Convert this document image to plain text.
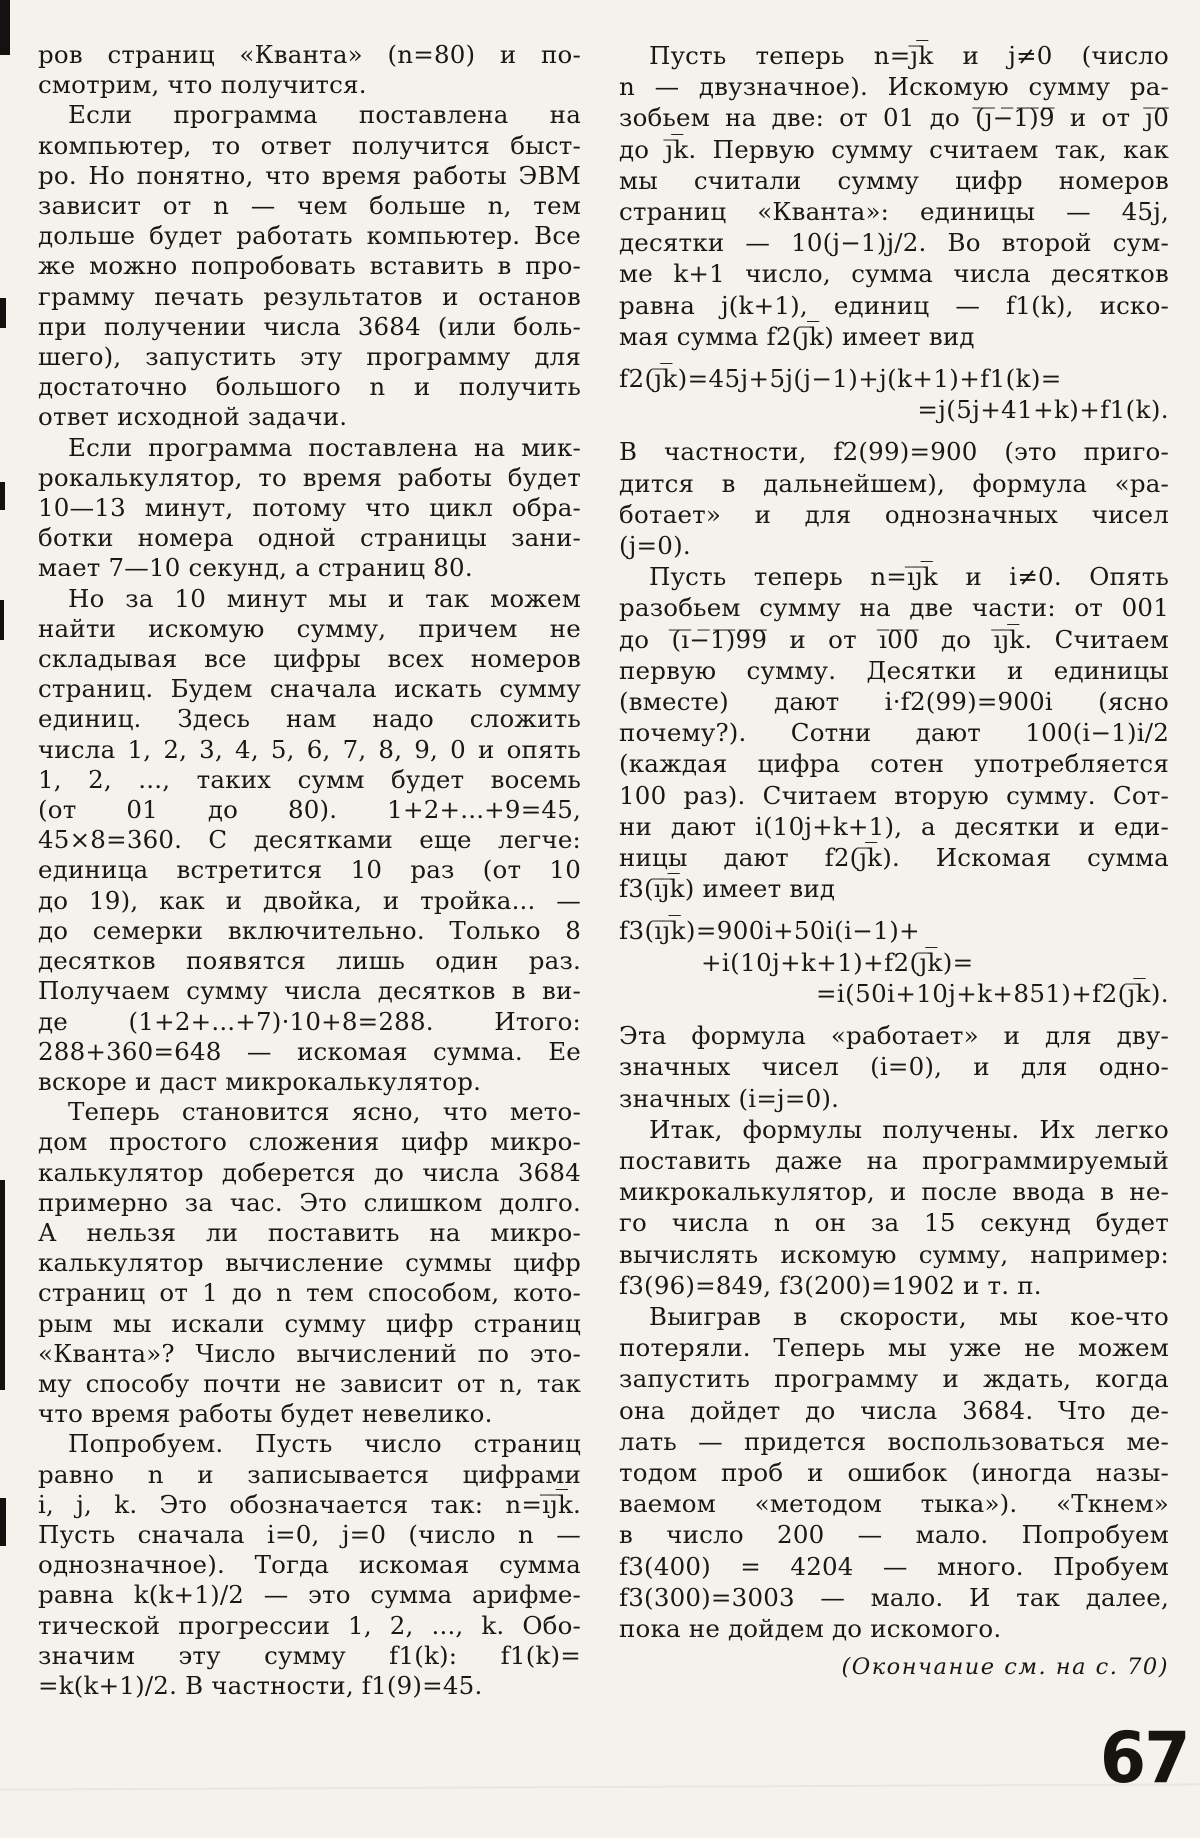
ров страниц «Кванта» (n=80) и по-
смотрим, что получится.
Если программа поставлена на
компьютер, то ответ получится быст-
ро. Но понятно, что время работы ЭВМ
зависит от n — чем больше n, тем
дольше будет работать компьютер. Все
же можно попробовать вставить в про-
грамму печать результатов и останов
при получении числа 3684 (или боль-
шего), запустить эту программу для
достаточно большого n и получить
ответ исходной задачи.
Если программа поставлена на мик-
рокалькулятор, то время работы будет
10—13 минут, потому что цикл обра-
ботки номера одной страницы зани-
мает 7—10 секунд, а страниц 80.
Но за 10 минут мы и так можем
найти искомую сумму, причем не
складывая все цифры всех номеров
страниц. Будем сначала искать сумму
единиц. Здесь нам надо сложить
числа 1, 2, 3, 4, 5, 6, 7, 8, 9, 0 и опять
1, 2, ..., таких сумм будет восемь
(от 01 до 80). 1+2+...+9=45,
45×8=360. С десятками еще легче:
единица встретится 10 раз (от 10
до 19), как и двойка, и тройка... —
до семерки включительно. Только 8
десятков появятся лишь один раз.
Получаем сумму числа десятков в ви-
де (1+2+...+7)·10+8=288. Итого:
288+360=648 — искомая сумма. Ее
вскоре и даст микрокалькулятор.
Теперь становится ясно, что мето-
дом простого сложения цифр микро-
калькулятор доберется до числа 3684
примерно за час. Это слишком долго.
А нельзя ли поставить на микро-
калькулятор вычисление суммы цифр
страниц от 1 до n тем способом, кото-
рым мы искали сумму цифр страниц
«Кванта»? Число вычислений по это-
му способу почти не зависит от n, так
что время работы будет невелико.
Попробуем. Пусть число страниц
равно n и записывается цифрами
i, j, k. Это обозначается так: n=i̅j̅k̅.
Пусть сначала i=0, j=0 (число n —
однозначное). Тогда искомая сумма
равна k(k+1)/2 — это сумма арифме-
тической прогрессии 1, 2, ..., k. Обо-
значим эту сумму f1(k): f1(k)=
=k(k+1)/2. В частности, f1(9)=45.
Пусть теперь n=j̅k̅ и j≠0 (число
n — двузначное). Искомую сумму ра-
зобьем на две: от 01 до (̅j̅−̅1̅)̅9̅ и от j̅0̅
до j̅k̅. Первую сумму считаем так, как
мы считали сумму цифр номеров
страниц «Кванта»: единицы — 45j,
десятки — 10(j−1)j/2. Во второй сум-
ме k+1 число, сумма числа десятков
равна j(k+1), единиц — f1(k), иско-
мая сумма f2(j̅k̅) имеет вид
f2(j̅k̅)=45j+5j(j−1)+j(k+1)+f1(k)=
=j(5j+41+k)+f1(k).
В частности, f2(99)=900 (это приго-
дится в дальнейшем), формула «ра-
ботает» и для однозначных чисел
(j=0).
Пусть теперь n=i̅j̅k̅ и i≠0. Опять
разобьем сумму на две части: от 001
до (̅i̅−̅1̅)̅9̅9̅ и от i̅0̅0̅ до i̅j̅k̅. Считаем
первую сумму. Десятки и единицы
(вместе) дают i·f2(99)=900i (ясно
почему?). Сотни дают 100(i−1)i/2
(каждая цифра сотен употребляется
100 раз). Считаем вторую сумму. Сот-
ни дают i(10j+k+1), а десятки и еди-
ницы дают f2(j̅k̅). Искомая сумма
f3(i̅j̅k̅) имеет вид
f3(i̅j̅k̅)=900i+50i(i−1)+
+i(10j+k+1)+f2(j̅k̅)=
=i(50i+10j+k+851)+f2(j̅k̅).
Эта формула «работает» и для дву-
значных чисел (i=0), и для одно-
значных (i=j=0).
Итак, формулы получены. Их легко
поставить даже на программируемый
микрокалькулятор, и после ввода в не-
го числа n он за 15 секунд будет
вычислять искомую сумму, например:
f3(96)=849, f3(200)=1902 и т. п.
Выиграв в скорости, мы кое-что
потеряли. Теперь мы уже не можем
запустить программу и ждать, когда
она дойдет до числа 3684. Что де-
лать — придется воспользоваться ме-
тодом проб и ошибок (иногда назы-
ваемом «методом тыка»). «Ткнем»
в число 200 — мало. Попробуем
f3(400) = 4204 — много. Пробуем
f3(300)=3003 — мало. И так далее,
пока не дойдем до искомого.
(Окончание см. на с. 70)
67
